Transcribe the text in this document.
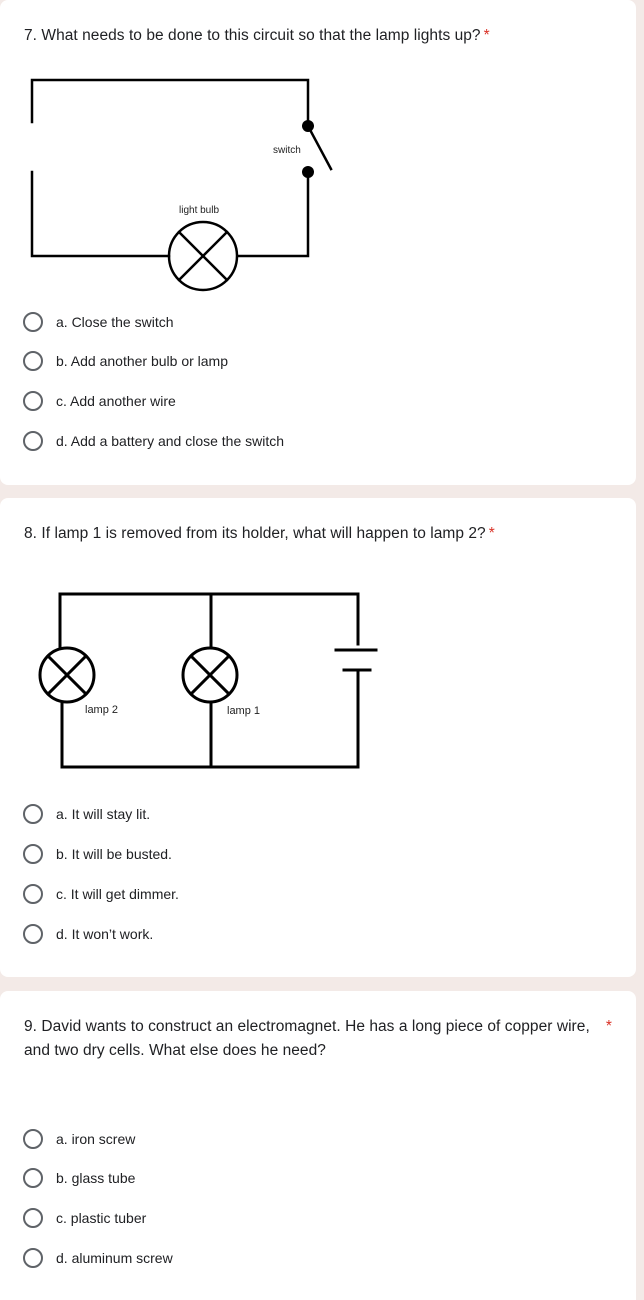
7. What needs to be done to this circuit so that the lamp lights up? *
switch
light bulb
a. Close the switch
b. Add another bulb or lamp
c. Add another wire
d. Add a battery and close the switch
8. If lamp 1 is removed from its holder, what will happen to lamp 2? *
lamp 2	lamp 1
a. It will stay lit.
b. It will be busted.
c. It will get dimmer.
d. It won’t work.
9. David wants to construct an electromagnet. He has a long piece of copper wire,
and two dry cells. What else does he need?
*
a. iron screw
b. glass tube
c. plastic tuber
d. aluminum screw
